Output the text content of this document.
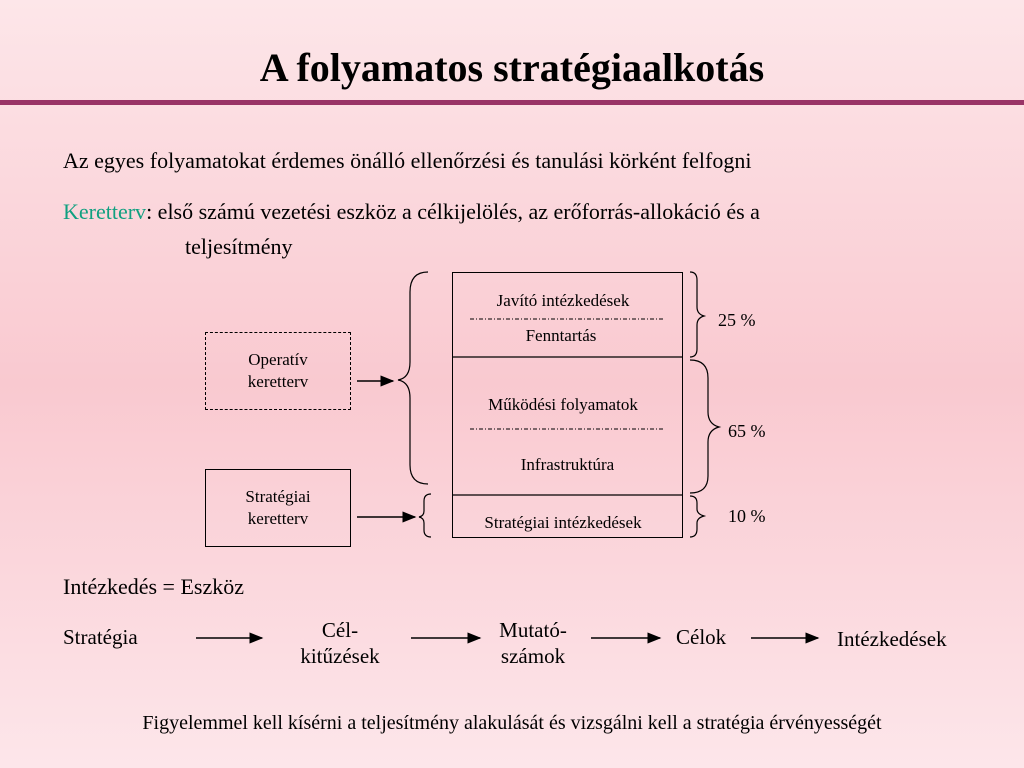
A folyamatos stratégiaalkotás
Az egyes folyamatokat érdemes önálló ellenőrzési és tanulási körként felfogni
Keretterv: első számú vezetési eszköz a célkijelölés, az erőforrás-allokáció és a
teljesítmény
Operatív
keretterv
Stratégiai
keretterv
Javító intézkedések
Fenntartás
Működési folyamatok
Infrastruktúra
Stratégiai intézkedések
25 %
65 %
10 %
Intézkedés = Eszköz
Stratégia	Cél-
kitűzések
Mutató-
számok
Célok	Intézkedések
Figyelemmel kell kísérni a teljesítmény alakulását és vizsgálni kell a stratégia érvényességét
